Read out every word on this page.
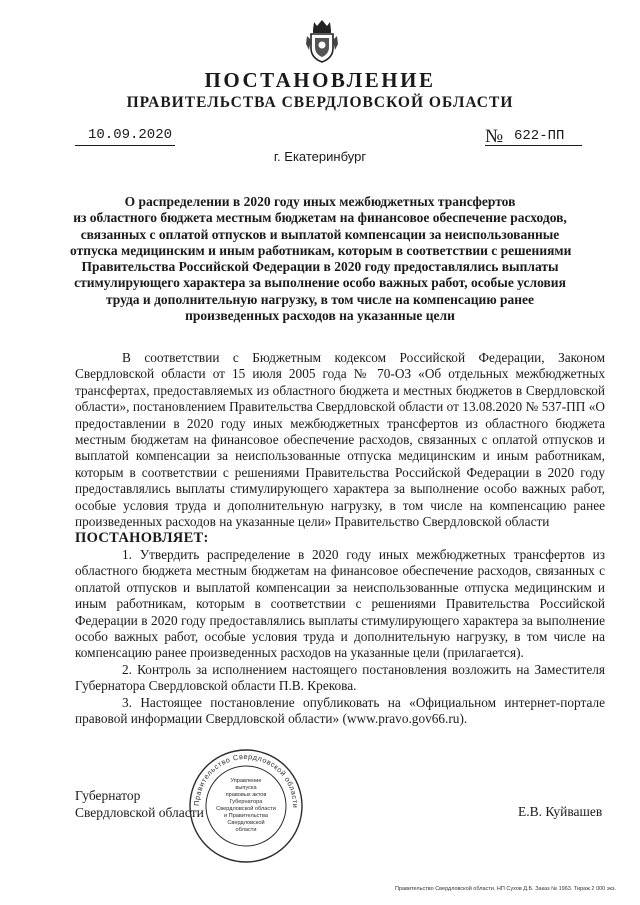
ПОСТАНОВЛЕНИЕ
ПРАВИТЕЛЬСТВА СВЕРДЛОВСКОЙ ОБЛАСТИ
10.09.2020	№ 622-ПП
г. Екатеринбург
О распределении в 2020 году иных межбюджетных трансфертов
из областного бюджета местным бюджетам на финансовое обеспечение расходов,
связанных с оплатой отпусков и выплатой компенсации за неиспользованные
отпуска медицинским и иным работникам, которым в соответствии с решениями
Правительства Российской Федерации в 2020 году предоставлялись выплаты
стимулирующего характера за выполнение особо важных работ, особые условия
труда и дополнительную нагрузку, в том числе на компенсацию ранее
произведенных расходов на указанные цели

В соответствии с Бюджетным кодексом Российской Федерации, Законом Свердловской области от 15 июля 2005 года № 70-ОЗ «Об отдельных межбюджетных трансфертах, предоставляемых из областного бюджета и местных бюджетов в Свердловской области», постановлением Правительства Свердловской области от 13.08.2020 № 537-ПП «О предоставлении в 2020 году иных межбюджетных трансфертов из областного бюджета местным бюджетам на финансовое обеспечение расходов, связанных с оплатой отпусков и выплатой компенсации за неиспользованные отпуска медицинским и иным работникам, которым в соответствии с решениями Правительства Российской Федерации в 2020 году предоставлялись выплаты стимулирующего характера за выполнение особо важных работ, особые условия труда и дополнительную нагрузку, в том числе на компенсацию ранее произведенных расходов на указанные цели» Правительство Свердловской области

ПОСТАНОВЛЯЕТ:

1. Утвердить распределение в 2020 году иных межбюджетных трансфертов из областного бюджета местным бюджетам на финансовое обеспечение расходов, связанных с оплатой отпусков и выплатой компенсации за неиспользованные отпуска медицинским и иным работникам, которым в соответствии с решениями Правительства Российской Федерации в 2020 году предоставлялись выплаты стимулирующего характера за выполнение особо важных работ, особые условия труда и дополнительную нагрузку, в том числе на компенсацию ранее произведенных расходов на указанные цели (прилагается).

2. Контроль за исполнением настоящего постановления возложить на Заместителя Губернатора Свердловской области П.В. Крекова.

3. Настоящее постановление опубликовать на «Официальном интернет-портале правовой информации Свердловской области» (www.pravo.gov66.ru).

Губернатор
Свердловской области	Е.В. Куйвашев
Правительство Свердловской области
Управление
выпуска
правовых актов
Губернатора
Свердловской области
и Правительства
Свердловской
области
Правительство Свердловской области. НП Сухов Д.Б. Заказ № 1963. Тираж 2 000 экз.
